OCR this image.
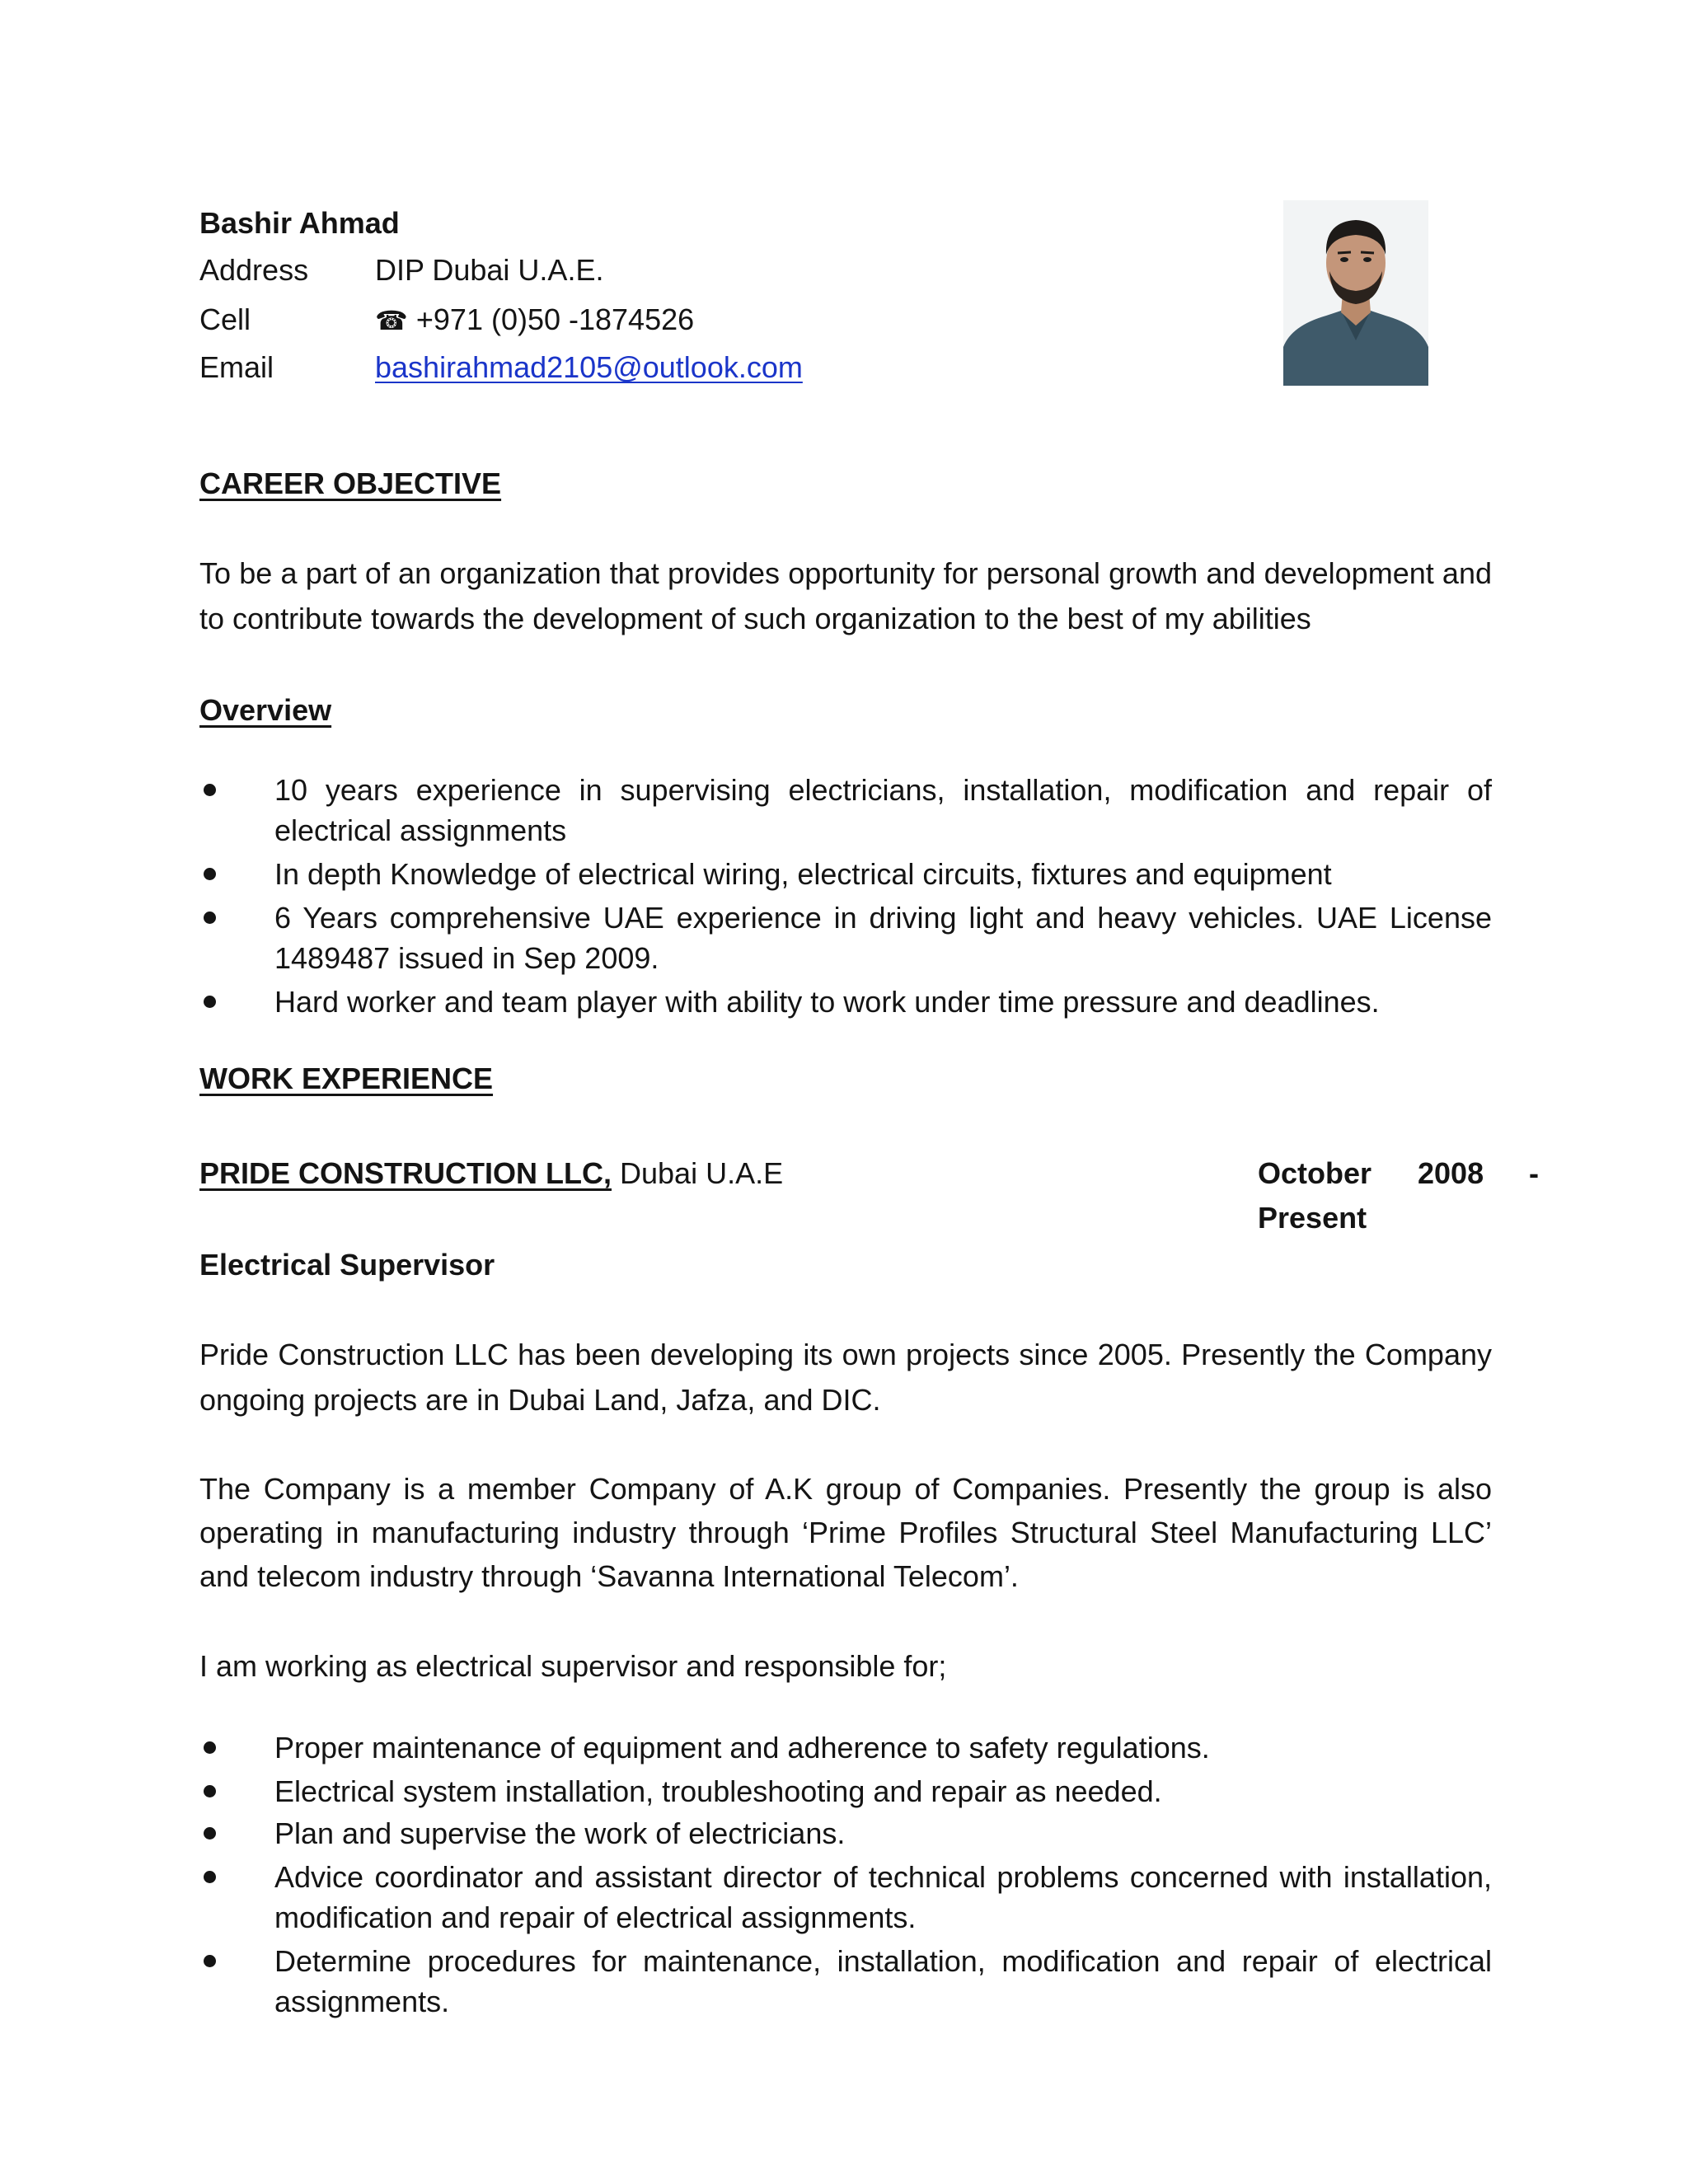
Bashir Ahmad
Address DIP Dubai U.A.E.
Cell	☎ +971 (0)50 -1874526
Email	bashirahmad2105@outlook.com
CAREER OBJECTIVE
To be a part of an organization that provides opportunity for personal growth and development and to contribute towards the development of such organization to the best of my abilities
Overview
10 years experience in supervising electricians, installation, modification and repair of electrical assignments
In depth Knowledge of electrical wiring, electrical circuits, fixtures and equipment
6 Years comprehensive UAE experience in driving light and heavy vehicles. UAE License 1489487 issued in Sep 2009.
Hard worker and team player with ability to work under time pressure and deadlines.
WORK EXPERIENCE
PRIDE CONSTRUCTION LLC, Dubai U.A.E	October 2008 -
Present
Electrical Supervisor
Pride Construction LLC has been developing its own projects since 2005. Presently the Company ongoing projects are in Dubai Land, Jafza, and DIC.
The Company is a member Company of A.K group of Companies. Presently the group is also operating in manufacturing industry through ‘Prime Profiles Structural Steel Manufacturing LLC’ and telecom industry through ‘Savanna International Telecom’.
I am working as electrical supervisor and responsible for;
Proper maintenance of equipment and adherence to safety regulations.
Electrical system installation, troubleshooting and repair as needed.
Plan and supervise the work of electricians.
Advice coordinator and assistant director of technical problems concerned with installation, modification and repair of electrical assignments.
Determine procedures for maintenance, installation, modification and repair of electrical assignments.
